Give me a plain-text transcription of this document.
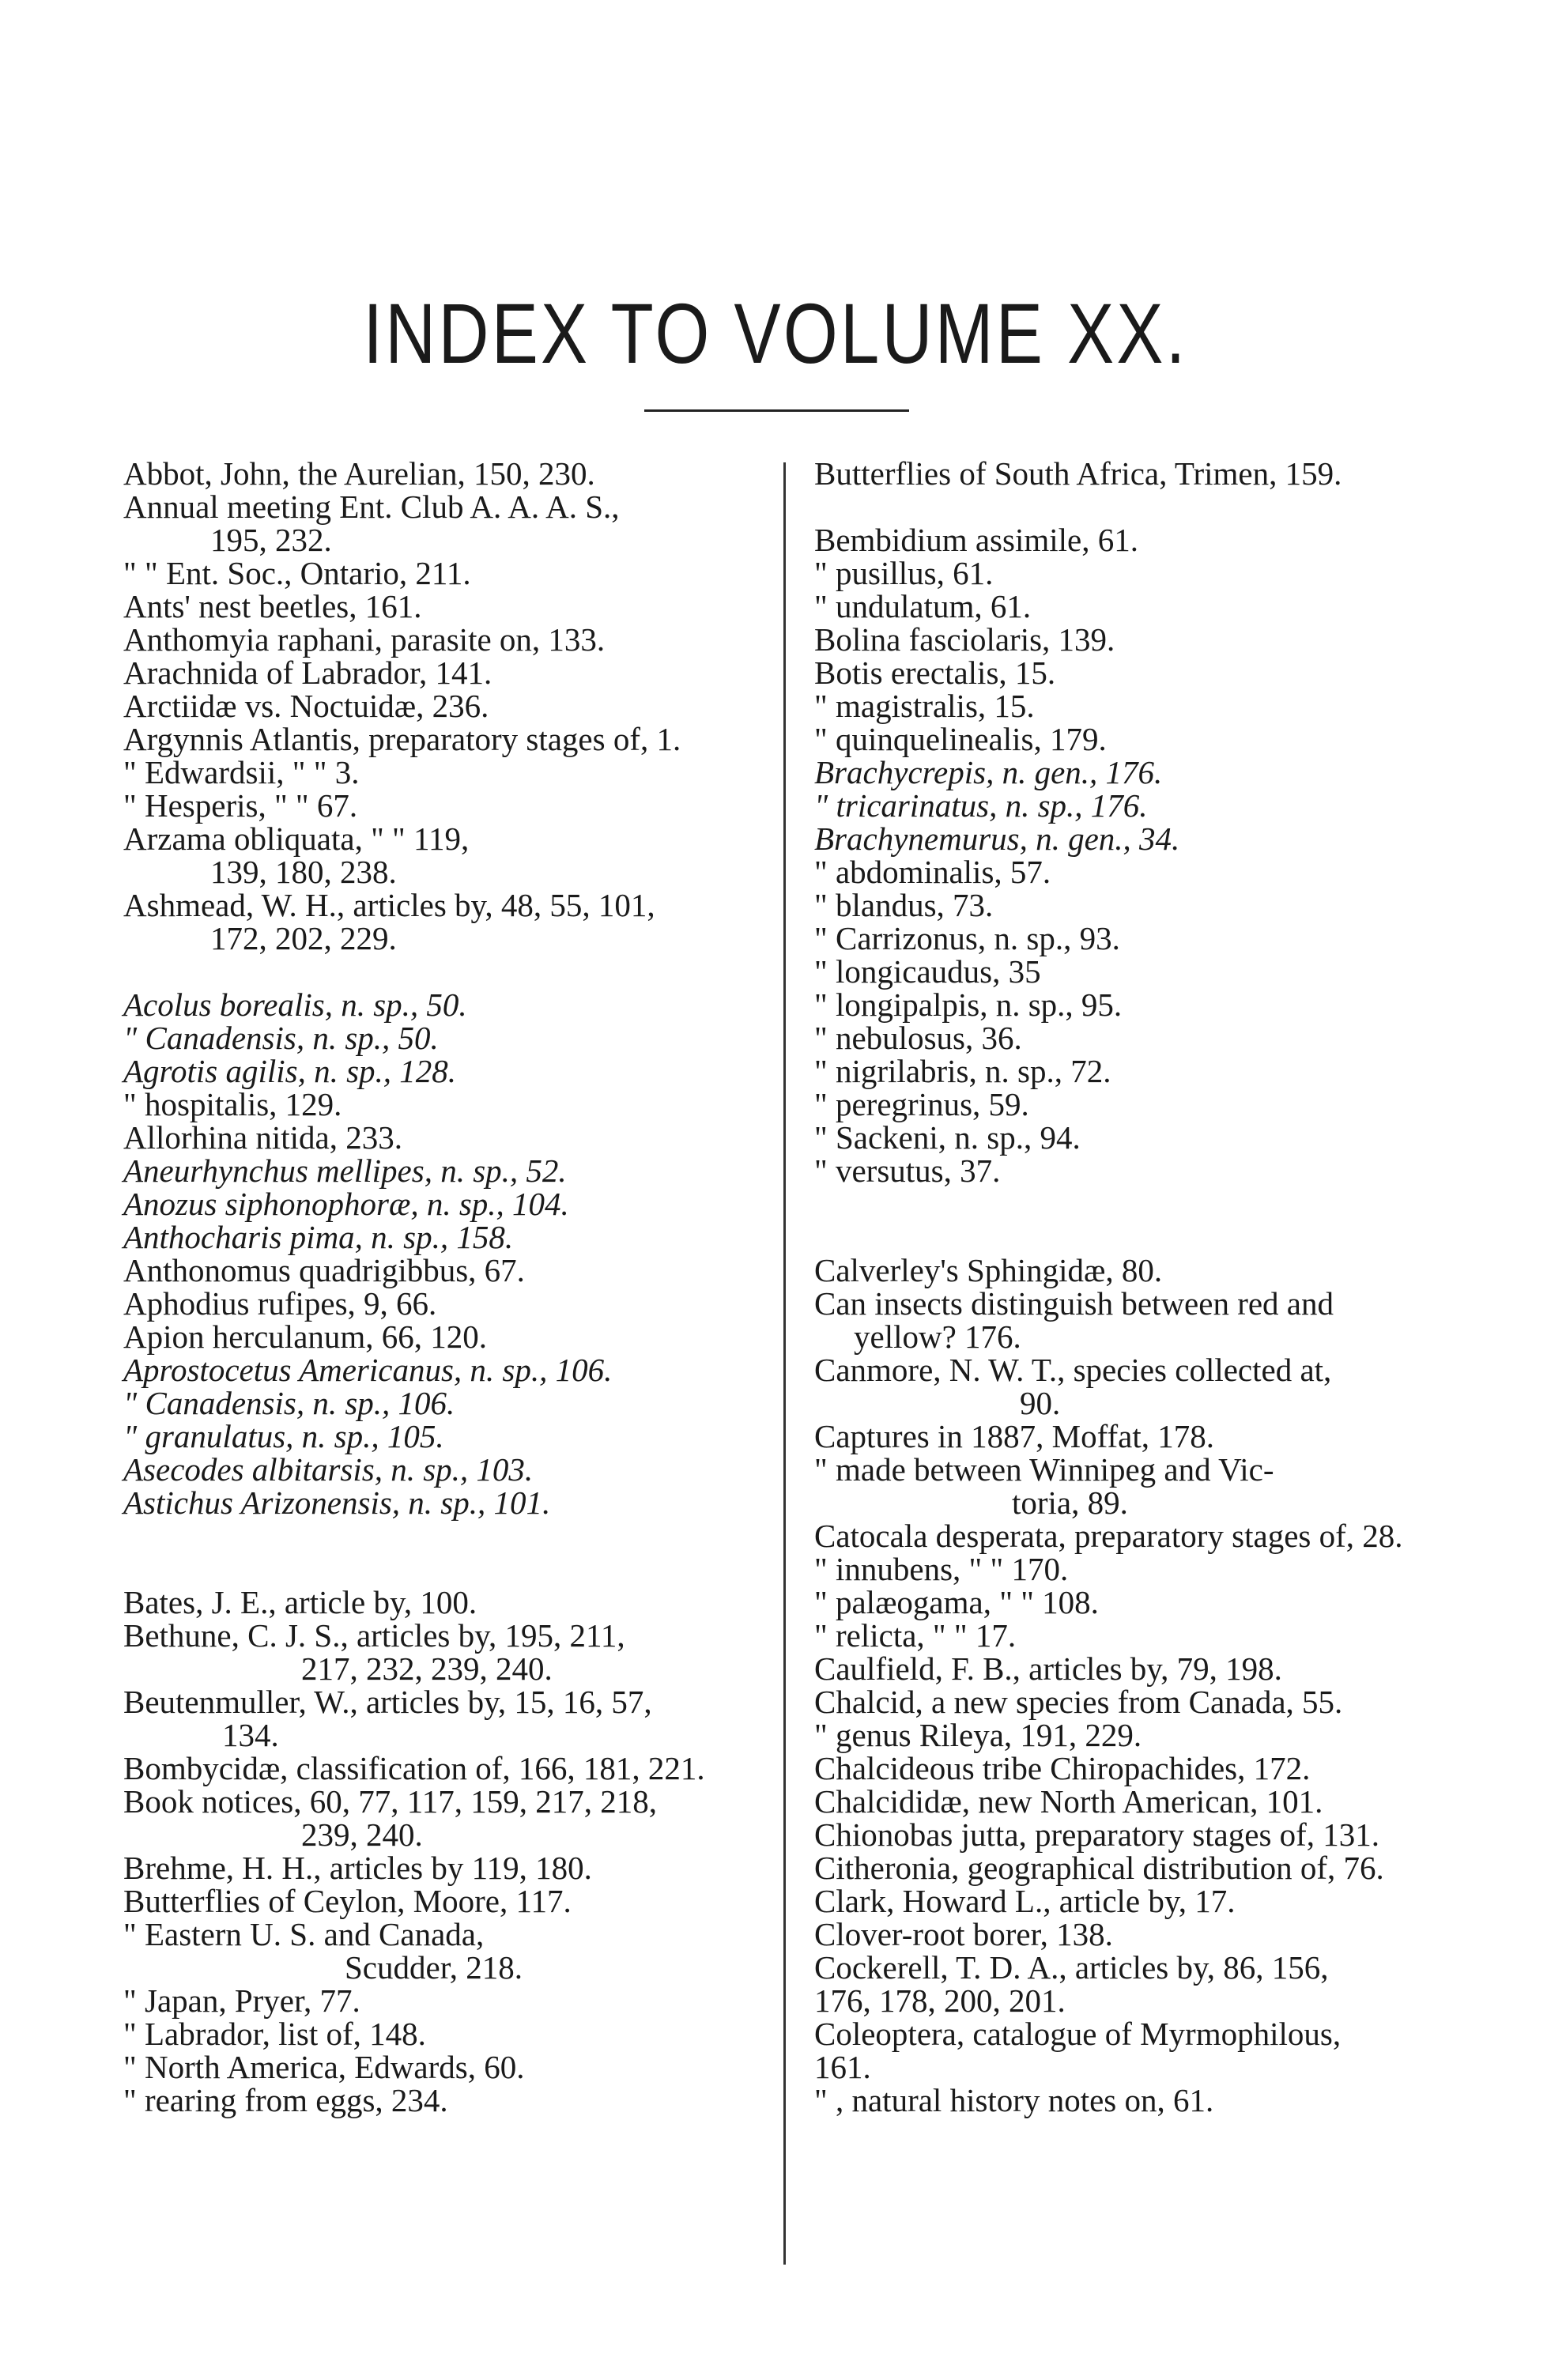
INDEX TO VOLUME XX.
Abbot, John, the Aurelian, 150, 230.
Annual meeting Ent. Club A. A. A. S.,
195, 232.
" " Ent. Soc., Ontario, 211.
Ants' nest beetles, 161.
Anthomyia raphani, parasite on, 133.
Arachnida of Labrador, 141.
Arctiidæ vs. Noctuidæ, 236.
Argynnis Atlantis, preparatory stages of, 1.
" Edwardsii, " " 3.
" Hesperis, " " 67.
Arzama obliquata, " " 119,
139, 180, 238.
Ashmead, W. H., articles by, 48, 55, 101,
172, 202, 229.
Acolus borealis, n. sp., 50.
" Canadensis, n. sp., 50.
Agrotis agilis, n. sp., 128.
" hospitalis, 129.
Allorhina nitida, 233.
Aneurhynchus mellipes, n. sp., 52.
Anozus siphonophoræ, n. sp., 104.
Anthocharis pima, n. sp., 158.
Anthonomus quadrigibbus, 67.
Aphodius rufipes, 9, 66.
Apion herculanum, 66, 120.
Aprostocetus Americanus, n. sp., 106.
" Canadensis, n. sp., 106.
" granulatus, n. sp., 105.
Asecodes albitarsis, n. sp., 103.
Astichus Arizonensis, n. sp., 101.
Bates, J. E., article by, 100.
Bethune, C. J. S., articles by, 195, 211,
217, 232, 239, 240.
Beutenmuller, W., articles by, 15, 16, 57,
134.
Bombycidæ, classification of, 166, 181, 221.
Book notices, 60, 77, 117, 159, 217, 218,
239, 240.
Brehme, H. H., articles by 119, 180.
Butterflies of Ceylon, Moore, 117.
" Eastern U. S. and Canada,
Scudder, 218.
" Japan, Pryer, 77.
" Labrador, list of, 148.
" North America, Edwards, 60.
" rearing from eggs, 234.
Butterflies of South Africa, Trimen, 159.
Bembidium assimile, 61.
" pusillus, 61.
" undulatum, 61.
Bolina fasciolaris, 139.
Botis erectalis, 15.
" magistralis, 15.
" quinquelinealis, 179.
Brachycrepis, n. gen., 176.
" tricarinatus, n. sp., 176.
Brachynemurus, n. gen., 34.
" abdominalis, 57.
" blandus, 73.
" Carrizonus, n. sp., 93.
" longicaudus, 35
" longipalpis, n. sp., 95.
" nebulosus, 36.
" nigrilabris, n. sp., 72.
" peregrinus, 59.
" Sackeni, n. sp., 94.
" versutus, 37.
Calverley's Sphingidæ, 80.
Can insects distinguish between red and
yellow? 176.
Canmore, N. W. T., species collected at,
90.
Captures in 1887, Moffat, 178.
" made between Winnipeg and Vic-
toria, 89.
Catocala desperata, preparatory stages of, 28.
" innubens, " " 170.
" palæogama, " " 108.
" relicta, " " 17.
Caulfield, F. B., articles by, 79, 198.
Chalcid, a new species from Canada, 55.
" genus Rileya, 191, 229.
Chalcideous tribe Chiropachides, 172.
Chalcididæ, new North American, 101.
Chionobas jutta, preparatory stages of, 131.
Citheronia, geographical distribution of, 76.
Clark, Howard L., article by, 17.
Clover-root borer, 138.
Cockerell, T. D. A., articles by, 86, 156,
176, 178, 200, 201.
Coleoptera, catalogue of Myrmophilous,
161.
" , natural history notes on, 61.
